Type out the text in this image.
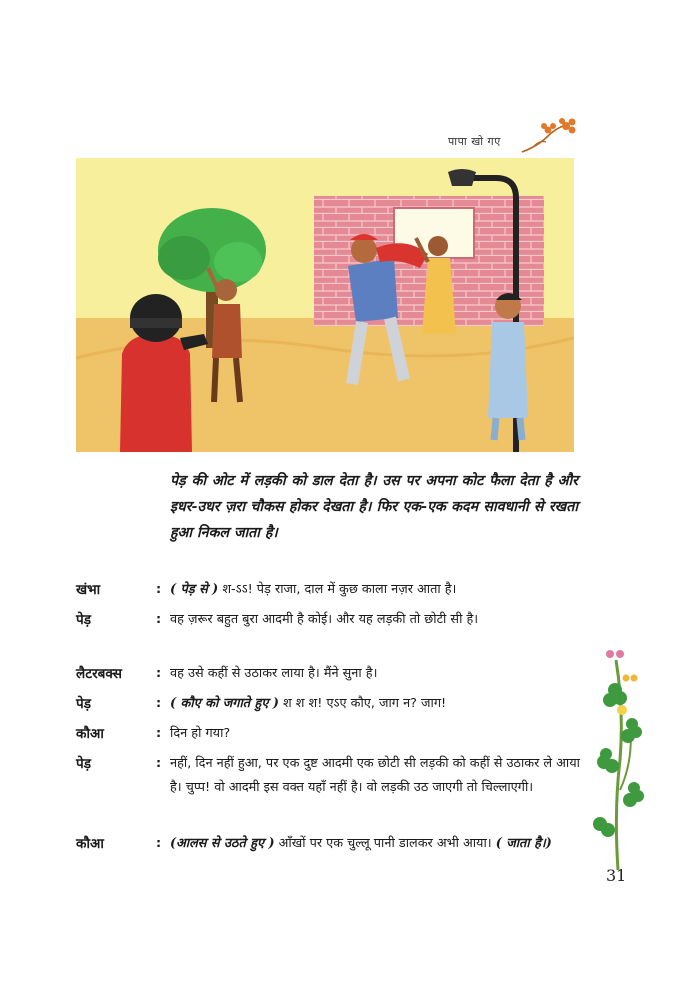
पापा खो गए

पेड़ की ओट में लड़की को डाल देता है। उस पर अपना कोट फैला देता है और इधर-उधर ज़रा चौकस होकर देखता है। फिर एक-एक कदम सावधानी से रखता हुआ निकल जाता है।

खंभा	: ( पेड़ से ) श-ऽऽ! पेड़ राजा, दाल में कुछ काला नज़र आता है।
पेड़	: वह ज़रूर बहुत बुरा आदमी है कोई। और यह लड़की तो छोटी सी है।
लैटरबक्स	: वह उसे कहीं से उठाकर लाया है। मैंने सुना है।
पेड़	: ( कौए को जगाते हुए ) श श श! एऽए कौए, जाग न? जाग!
कौआ	: दिन हो गया?
पेड़	: नहीं, दिन नहीं हुआ, पर एक दुष्ट आदमी एक छोटी सी लड़की को कहीं से उठाकर ले आया है। चुप्प! वो आदमी इस वक्त यहाँ नहीं है। वो लड़की उठ जाएगी तो चिल्लाएगी।
कौआ	: (आलस से उठते हुए ) आँखों पर एक चुल्लू पानी डालकर अभी आया। ( जाता है।)
31
